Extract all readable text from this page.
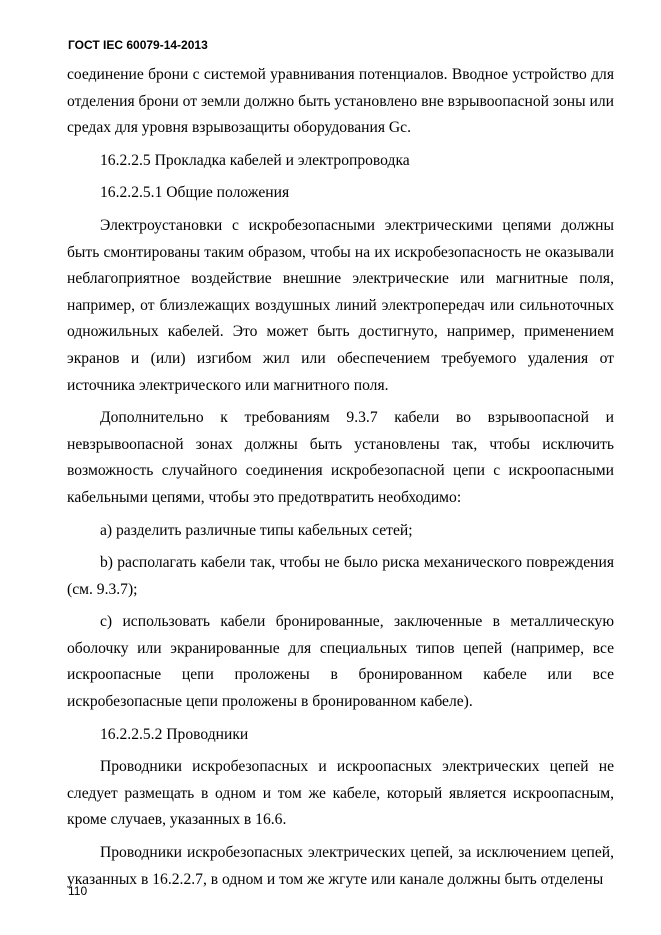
ГОСТ IEC 60079-14-2013

соединение брони с системой уравнивания потенциалов. Вводное устройство для отделения брони от земли должно быть установлено вне взрывоопасной зоны или средах для уровня взрывозащиты оборудования Gc.

16.2.2.5 Прокладка кабелей и электропроводка

16.2.2.5.1 Общие положения

Электроустановки с искробезопасными электрическими цепями должны быть смонтированы таким образом, чтобы на их искробезопасность не оказывали неблагоприятное воздействие внешние электрические или магнитные поля, например, от близлежащих воздушных линий электропередач или сильноточных одножильных кабелей. Это может быть достигнуто, например, применением экранов и (или) изгибом жил или обеспечением требуемого удаления от источника электрического или магнитного поля.

Дополнительно к требованиям 9.3.7 кабели во взрывоопасной и невзрывоопасной зонах должны быть установлены так, чтобы исключить возможность случайного соединения искробезопасной цепи с искроопасными кабельными цепями, чтобы это предотвратить необходимо:

a) разделить различные типы кабельных сетей;

b) располагать кабели так, чтобы не было риска механического повреждения (см. 9.3.7);

c) использовать кабели бронированные, заключенные в металлическую оболочку или экранированные для специальных типов цепей (например, все искроопасные цепи проложены в бронированном кабеле или все искробезопасные цепи проложены в бронированном кабеле).

16.2.2.5.2 Проводники

Проводники искробезопасных и искроопасных электрических цепей не следует размещать в одном и том же кабеле, который является искроопасным, кроме случаев, указанных в 16.6.

Проводники искробезопасных электрических цепей, за исключением цепей, указанных в 16.2.2.7, в одном и том же жгуте или канале должны быть отделены

110
